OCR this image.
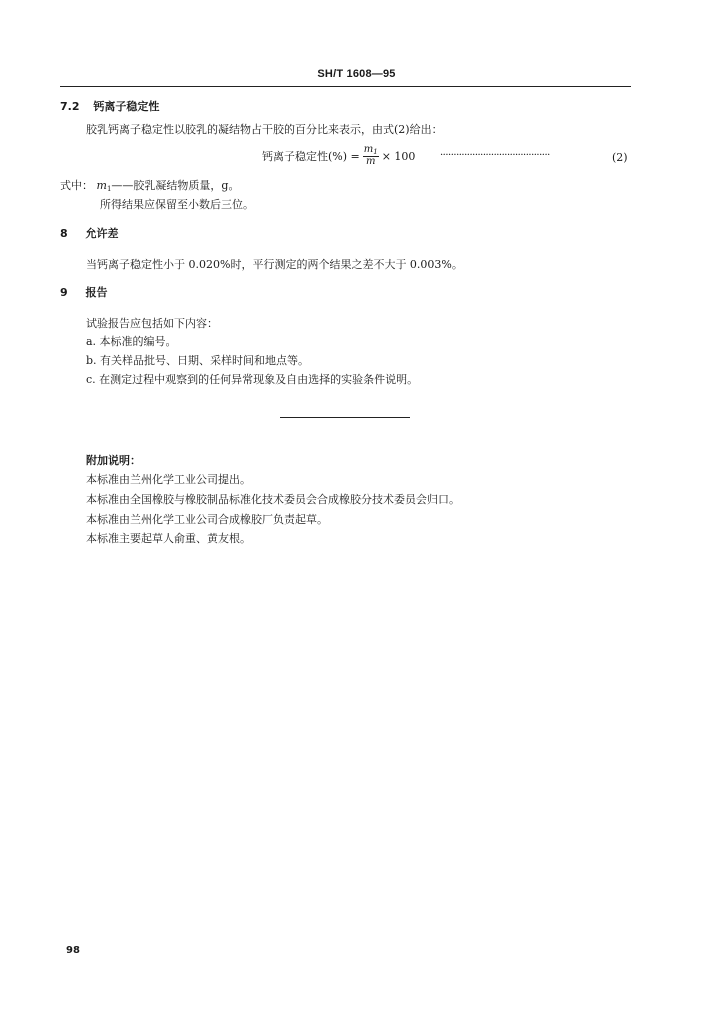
SH/T 1608—95
7.2 钙离子稳定性
胶乳钙离子稳定性以胶乳的凝结物占干胶的百分比来表示，由式(2)给出：
钙离子稳定性(%) = $\frac{m_1}{m} \times 100$ ·········································	(2)
式中： $m_1——$胶乳凝结物质量，g。
所得结果应保留至小数后三位。
8 允许差
当钙离子稳定性小于 0.020%时，平行测定的两个结果之差不大于 0.003%。
9 报告
试验报告应包括如下内容：
a. 本标准的编号。
b. 有关样品批号、日期、采样时间和地点等。
c. 在测定过程中观察到的任何异常现象及自由选择的实验条件说明。
附加说明：
本标准由兰州化学工业公司提出。
本标准由全国橡胶与橡胶制品标准化技术委员会合成橡胶分技术委员会归口。
本标准由兰州化学工业公司合成橡胶厂负责起草。
本标准主要起草人俞重、黄友根。
98
